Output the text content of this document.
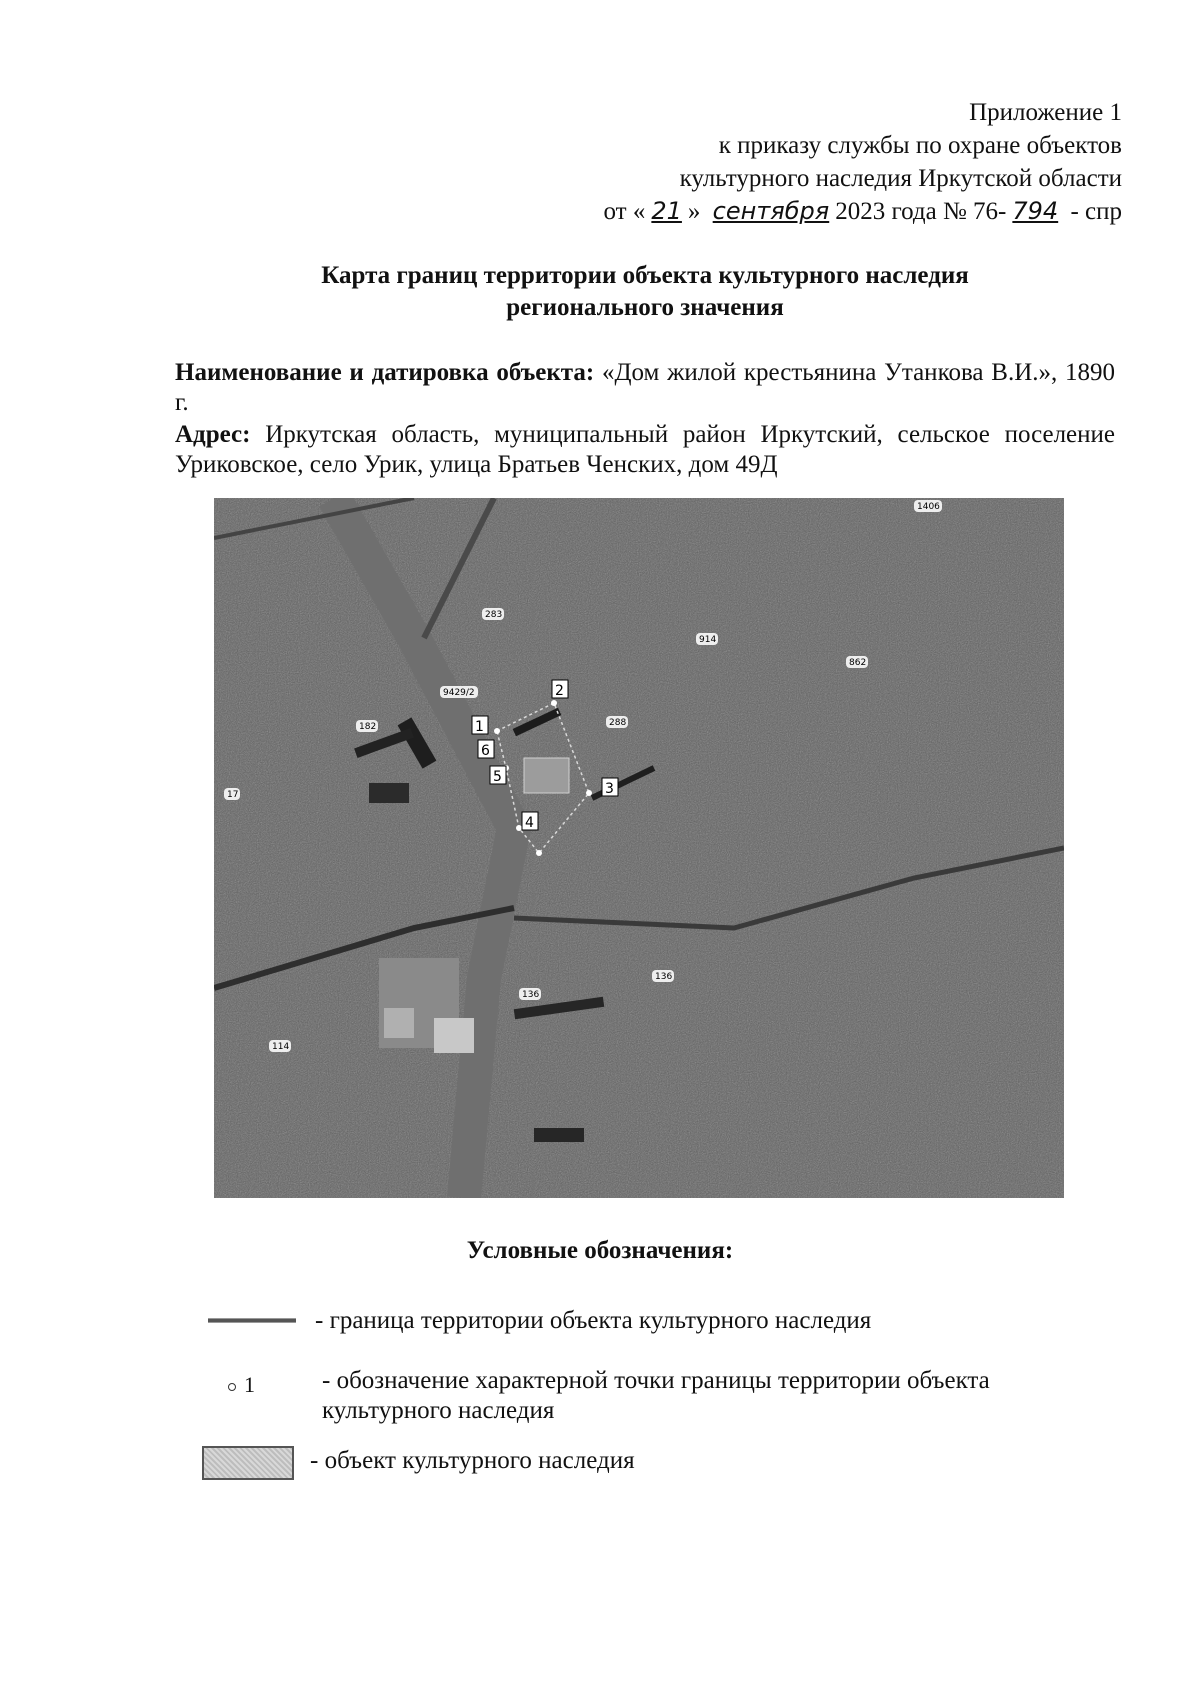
Приложение 1
к приказу службы по охране объектов
культурного наследия Иркутской области
от « 21 » сентября 2023 года № 76- 794 - спр
Карта границ территории объекта культурного наследия
регионального значения
Наименование и датировка объекта: «Дом жилой крестьянина Утанкова В.И.», 1890 г.
Адрес: Иркутская область, муниципальный район Иркутский, сельское поселение Уриковское, село Урик, улица Братьев Ченских, дом 49Д
1
2
3
4
5
6
1406
283
914
862
9429/2
182	288
17
136
136
114
Условные обозначения:
- граница территории объекта культурного наследия
1	- обозначение характерной точки границы территории объекта культурного наследия
- объект культурного наследия
